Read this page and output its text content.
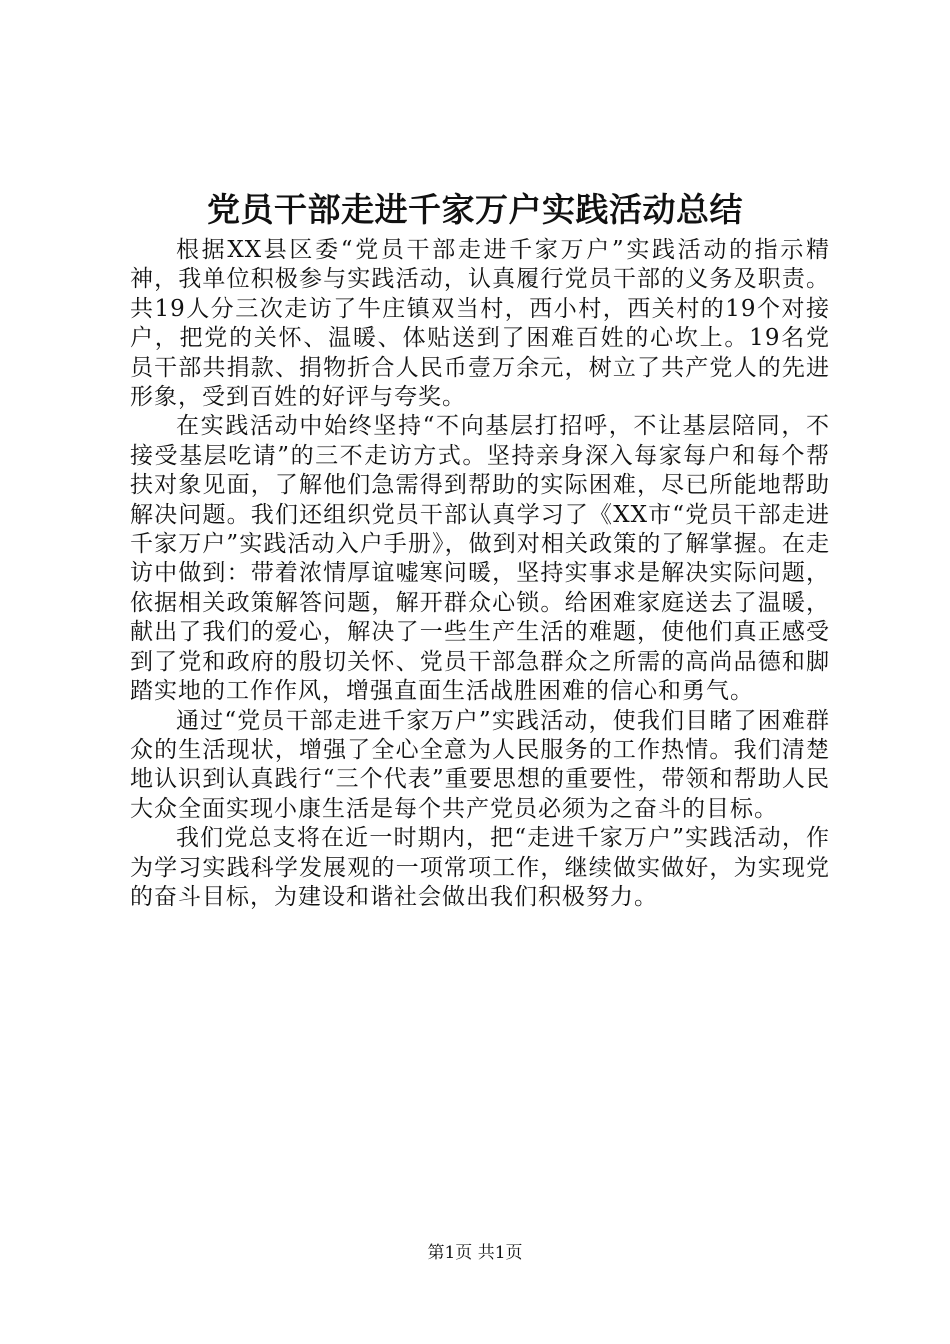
党员干部走进千家万户实践活动总结

根据XX县区委“党员干部走进千家万户”实践活动的指示精神，我单位积极参与实践活动，认真履行党员干部的义务及职责。共19人分三次走访了牛庄镇双当村，西小村，西关村的19个对接户，把党的关怀、温暖、体贴送到了困难百姓的心坎上。19名党员干部共捐款、捐物折合人民币壹万余元，树立了共产党人的先进形象，受到百姓的好评与夸奖。

在实践活动中始终坚持“不向基层打招呼，不让基层陪同，不接受基层吃请”的三不走访方式。坚持亲身深入每家每户和每个帮扶对象见面，了解他们急需得到帮助的实际困难，尽已所能地帮助解决问题。我们还组织党员干部认真学习了《XX市“党员干部走进千家万户”实践活动入户手册》，做到对相关政策的了解掌握。在走访中做到：带着浓情厚谊嘘寒问暖，坚持实事求是解决实际问题，依据相关政策解答问题，解开群众心锁。给困难家庭送去了温暖，献出了我们的爱心，解决了一些生产生活的难题，使他们真正感受到了党和政府的殷切关怀、党员干部急群众之所需的高尚品德和脚踏实地的工作作风，增强直面生活战胜困难的信心和勇气。

通过“党员干部走进千家万户”实践活动，使我们目睹了困难群众的生活现状，增强了全心全意为人民服务的工作热情。我们清楚地认识到认真践行“三个代表”重要思想的重要性，带领和帮助人民大众全面实现小康生活是每个共产党员必须为之奋斗的目标。

我们党总支将在近一时期内，把“走进千家万户”实践活动，作为学习实践科学发展观的一项常项工作，继续做实做好，为实现党的奋斗目标，为建设和谐社会做出我们积极努力。

第1页 共1页
